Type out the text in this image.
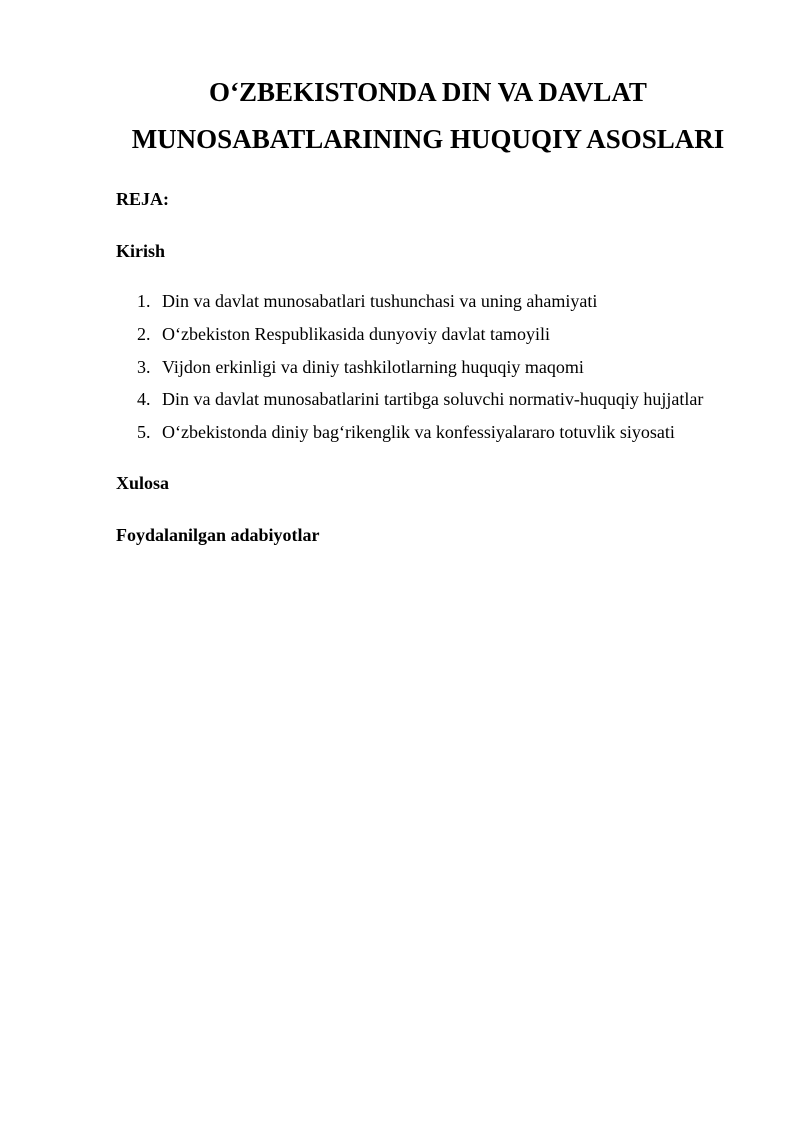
O‘ZBEKISTONDA DIN VA DAVLAT
MUNOSABATLARINING HUQUQIY ASOSLARI
REJA:
Kirish
1. Din va davlat munosabatlari tushunchasi va uning ahamiyati
2. O‘zbekiston Respublikasida dunyoviy davlat tamoyili
3. Vijdon erkinligi va diniy tashkilotlarning huquqiy maqomi
4. Din va davlat munosabatlarini tartibga soluvchi normativ-huquqiy hujjatlar
5. O‘zbekistonda diniy bag‘rikenglik va konfessiyalararo totuvlik siyosati
Xulosa
Foydalanilgan adabiyotlar
